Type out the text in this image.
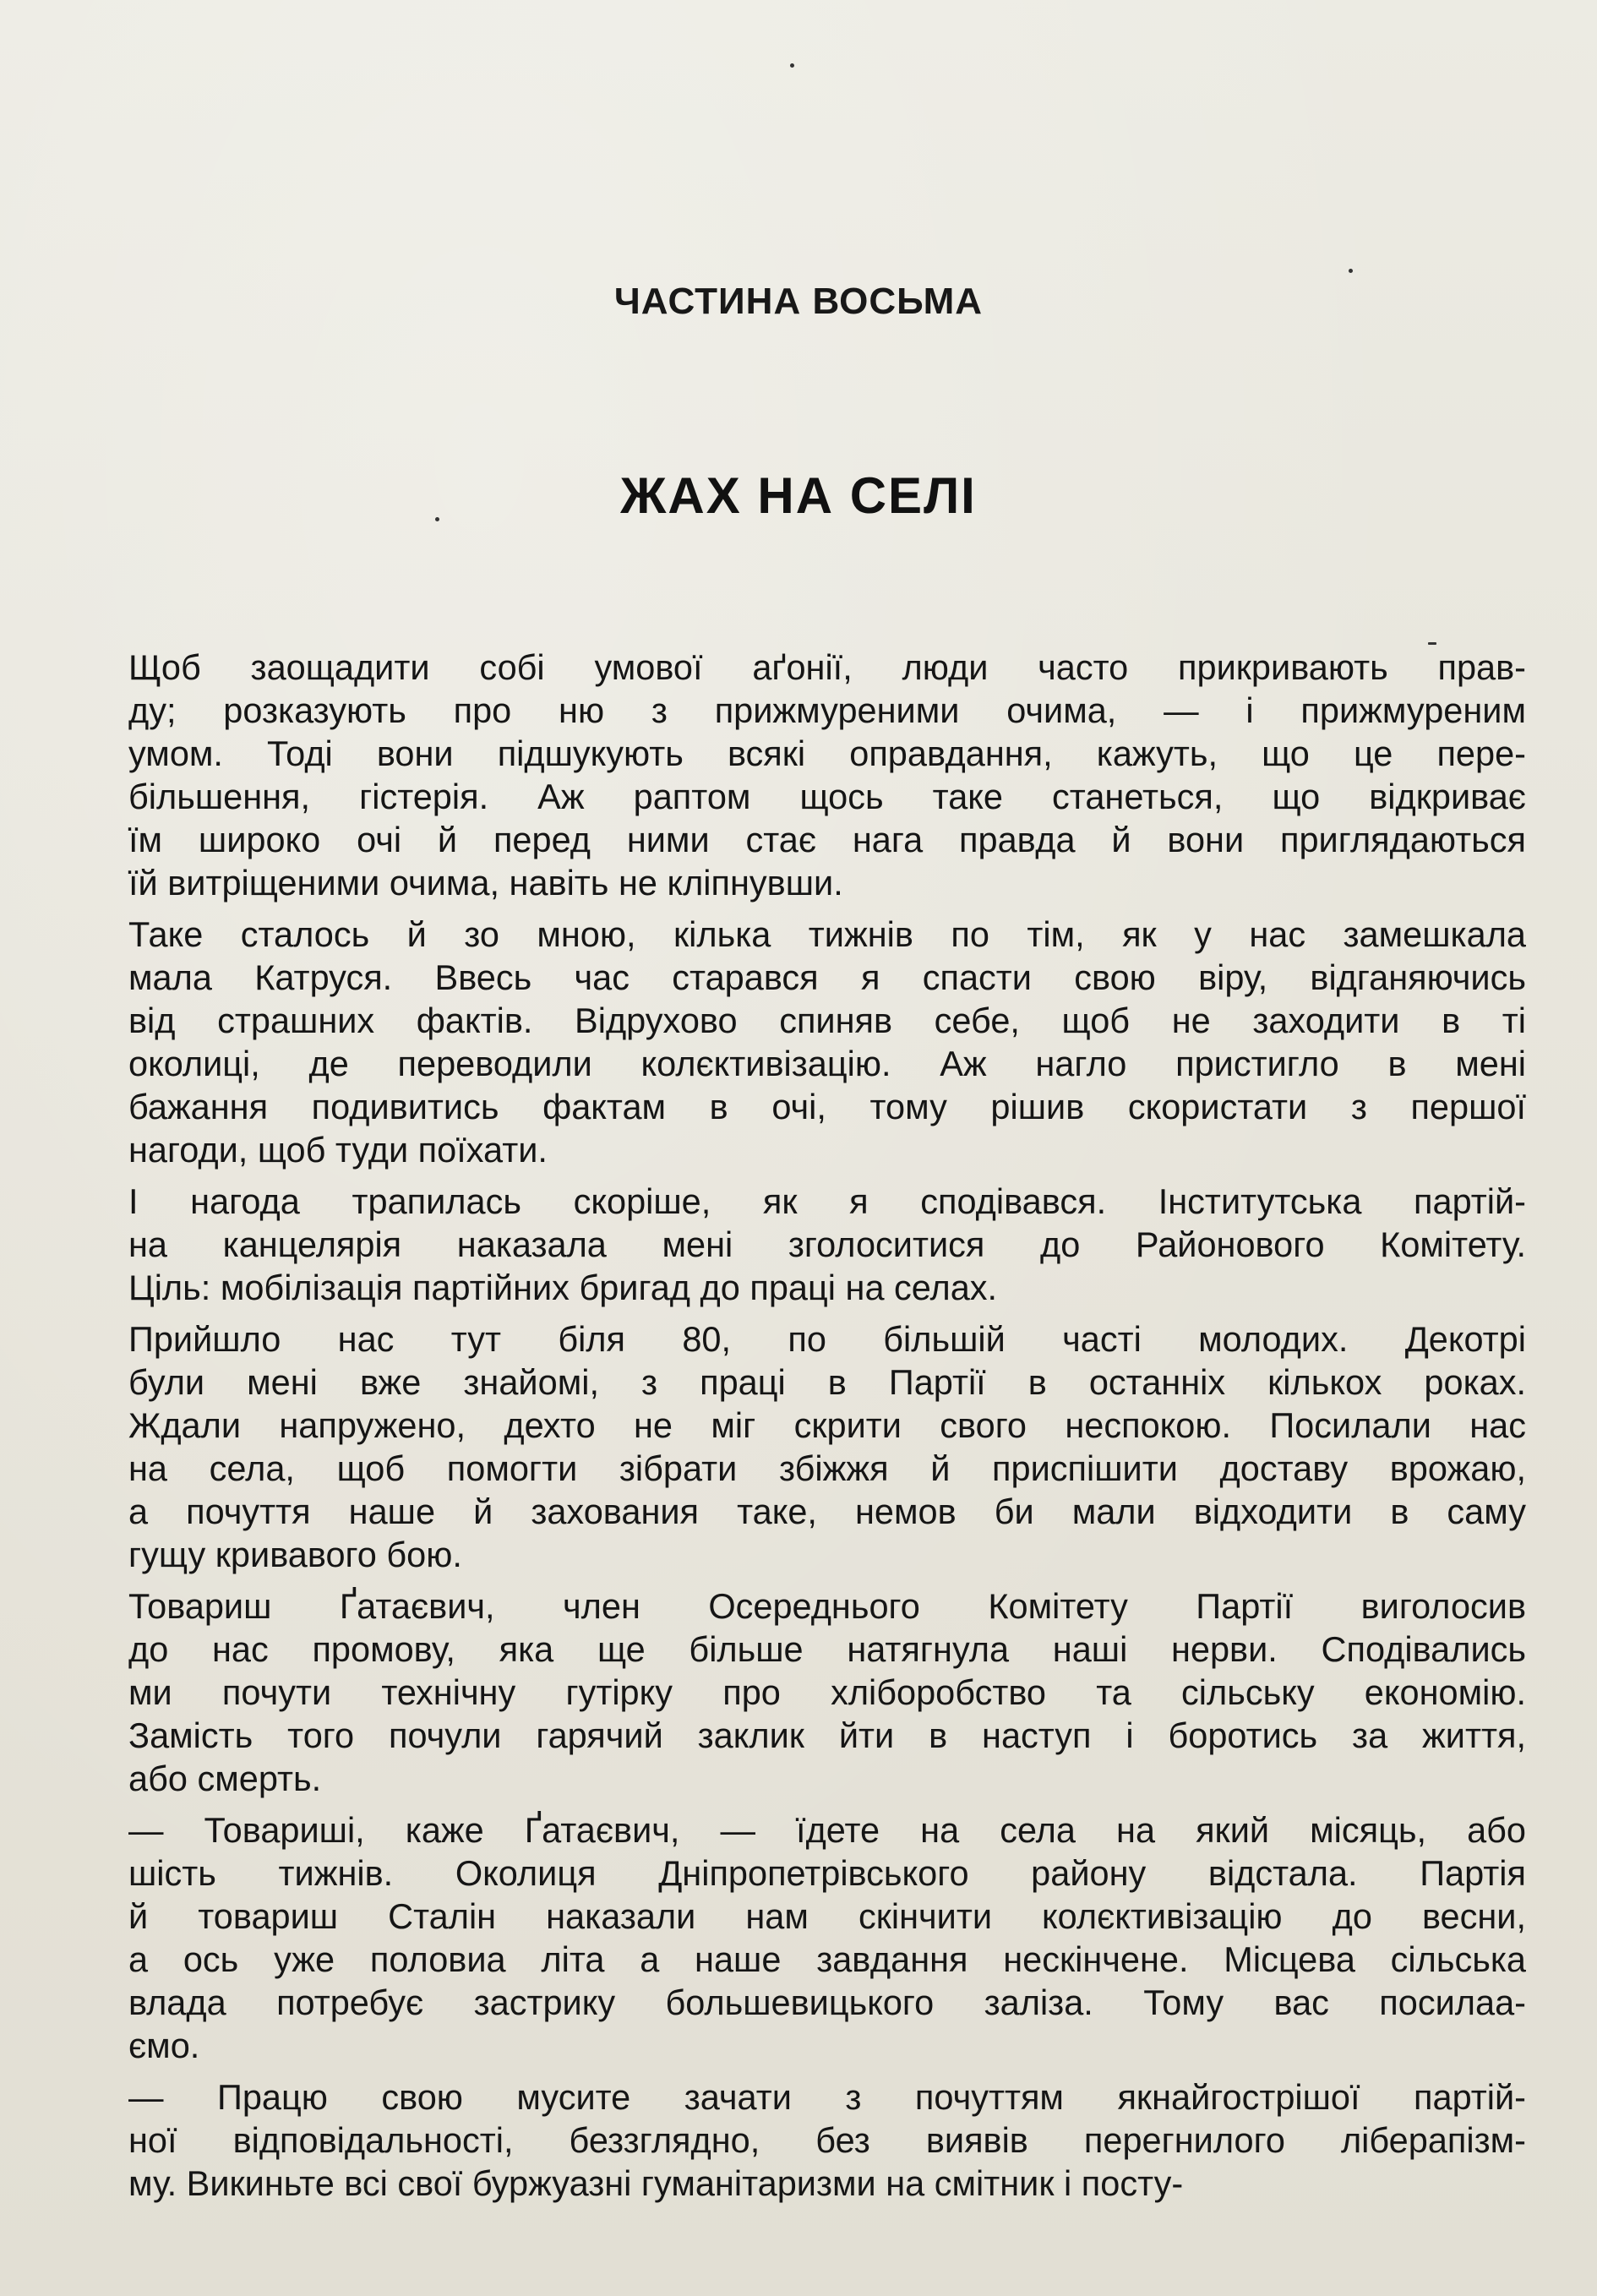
ЧАСТИНА ВОСЬМА
ЖАХ НА СЕЛІ
Щоб заощадити собі умової аґонії, люди часто прикривають прав-
ду; розказують про ню з прижмуреними очима, — і прижмуреним
умом. Тоді вони підшукують всякі оправдання, кажуть, що це пере-
більшення, гістерія. Аж раптом щось таке станеться, що відкриває
їм широко очі й перед ними стає нага правда й вони приглядаються
їй витріщеними очима, навіть не кліпнувши.
Таке сталось й зо мною, кілька тижнів по тім, як у нас замешкала
мала Катруся. Ввесь час старався я спасти свою віру, відганяючись
від страшних фактів. Відрухово спиняв себе, щоб не заходити в ті
околиці, де переводили колєктивізацію. Аж нагло пристигло в мені
бажання подивитись фактам в очі, тому рішив скористати з першої
нагоди, щоб туди поїхати.
І нагода трапилась скоріше, як я сподівався. Інститутська партій-
на канцелярія наказала мені зголоситися до Районового Комітету.
Ціль: мобілізація партійних бригад до праці на селах.
Прийшло нас тут біля 80, по більшій часті молодих. Декотрі
були мені вже знайомі, з праці в Партії в останніх кількох роках.
Ждали напружено, дехто не міг скрити свого неспокою. Посилали нас
на села, щоб помогти зібрати збіжжя й приспішити доставу врожаю,
а почуття наше й захования таке, немов би мали відходити в саму
гущу кривавого бою.
Товариш Ґатаєвич, член Осереднього Комітету Партії виголосив
до нас промову, яка ще більше натягнула наші нерви. Сподівались
ми почути технічну гутірку про хліборобство та сільську економію.
Замість того почули гарячий заклик йти в наступ і боротись за життя,
або смерть.
— Товариші, каже Ґатаєвич, — їдете на села на який місяць, або
шість тижнів. Околиця Дніпропетрівського району відстала. Партія
й товариш Сталін наказали нам скінчити колєктивізацію до весни,
а ось уже половиа літа а наше завдання нескінчене. Місцева сільська
влада потребує застрику большевицького заліза. Тому вас посилаа-
ємо.
— Працю свою мусите зачати з почуттям якнайгострішої партій-
ної відповідальності, беззглядно, без виявів перегнилого ліберапізм-
му. Викиньте всі свої буржуазні гуманітаризми на смітник і посту-
